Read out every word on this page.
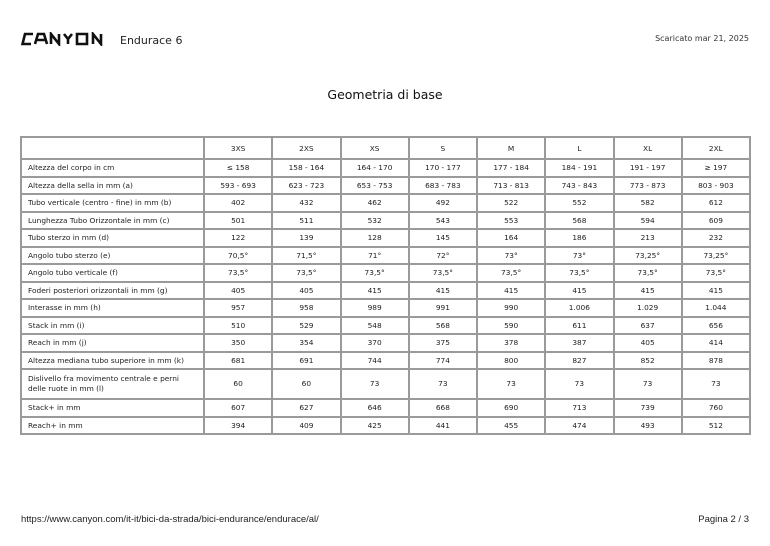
Endurace 6	Scaricato mar 21, 2025
Geometria di base
	3XS	2XS	XS	S	M	L	XL	2XL
Altezza del corpo in cm	≤ 158	158 - 164	164 - 170	170 - 177	177 - 184	184 - 191	191 - 197	≥ 197
Altezza della sella in mm (a)	593 - 693	623 - 723	653 - 753	683 - 783	713 - 813	743 - 843	773 - 873	803 - 903
Tubo verticale (centro - fine) in mm (b)	402	432	462	492	522	552	582	612
Lunghezza Tubo Orizzontale in mm (c)	501	511	532	543	553	568	594	609
Tubo sterzo in mm (d)	122	139	128	145	164	186	213	232
Angolo tubo sterzo (e)	70,5°	71,5°	71°	72°	73°	73°	73,25°	73,25°
Angolo tubo verticale (f)	73,5°	73,5°	73,5°	73,5°	73,5°	73,5°	73,5°	73,5°
Foderi posteriori orizzontali in mm (g)	405	405	415	415	415	415	415	415
Interasse in mm (h)	957	958	989	991	990	1.006	1.029	1.044
Stack in mm (i)	510	529	548	568	590	611	637	656
Reach in mm (j)	350	354	370	375	378	387	405	414
Altezza mediana tubo superiore in mm (k)	681	691	744	774	800	827	852	878
Dislivello fra movimento centrale e perni delle ruote in mm (l)	60	60	73	73	73	73	73	73
Stack+ in mm	607	627	646	668	690	713	739	760
Reach+ in mm	394	409	425	441	455	474	493	512
https://www.canyon.com/it-it/bici-da-strada/bici-endurance/endurace/al/	Pagina 2 / 3
